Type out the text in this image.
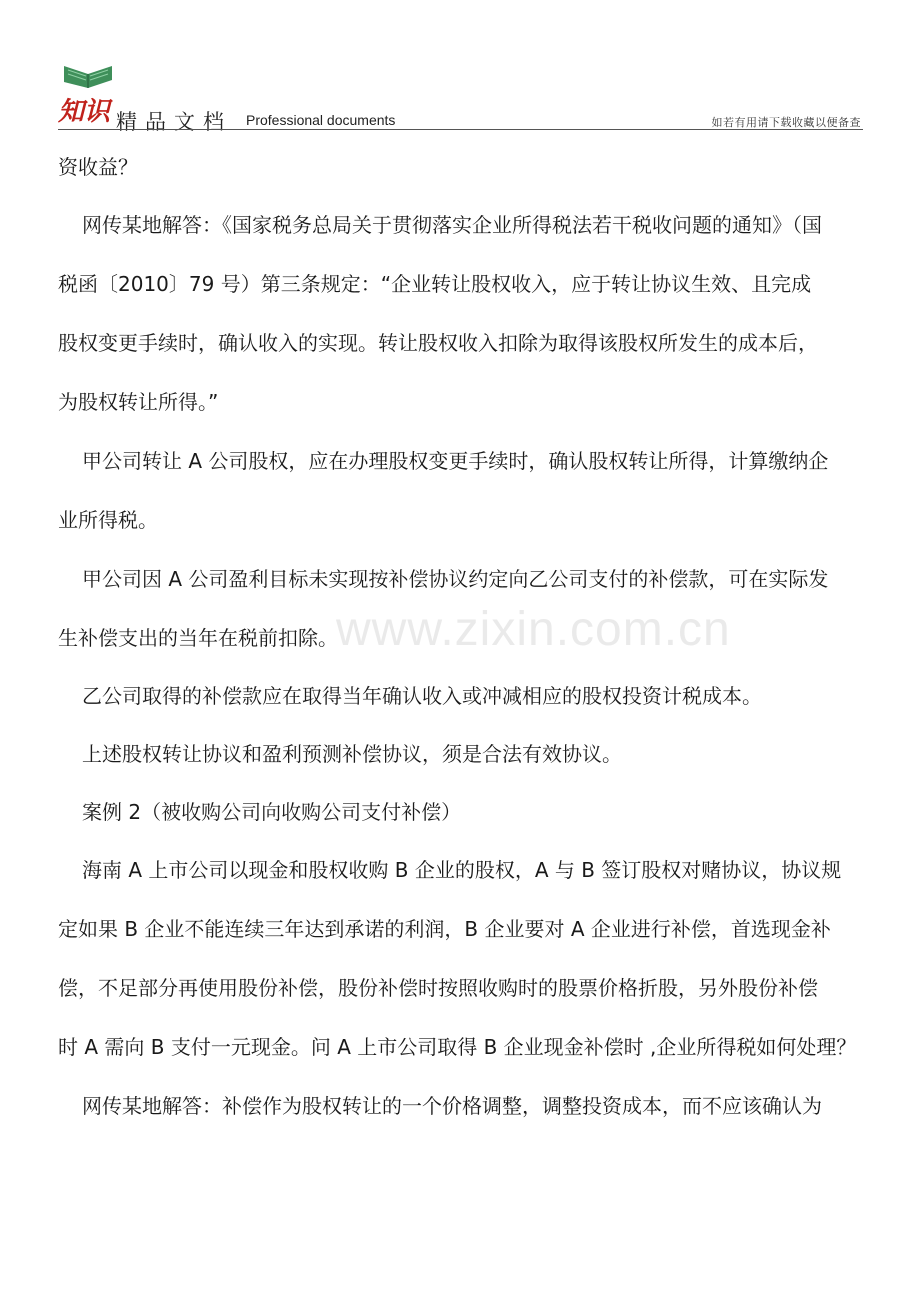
知识 精品文档 Professional documents	如若有用请下载收藏以便备查
www.zixin.com.cn

资收益？

网传某地解答：《国家税务总局关于贯彻落实企业所得税法若干税收问题的通知》（国

税函〔2010〕79 号）第三条规定：“企业转让股权收入，应于转让协议生效、且完成

股权变更手续时，确认收入的实现。转让股权收入扣除为取得该股权所发生的成本后，

为股权转让所得。”

甲公司转让 A 公司股权，应在办理股权变更手续时，确认股权转让所得，计算缴纳企

业所得税。

甲公司因 A 公司盈利目标未实现按补偿协议约定向乙公司支付的补偿款，可在实际发

生补偿支出的当年在税前扣除。

乙公司取得的补偿款应在取得当年确认收入或冲减相应的股权投资计税成本。

上述股权转让协议和盈利预测补偿协议，须是合法有效协议。

案例 2（被收购公司向收购公司支付补偿）

海南 A 上市公司以现金和股权收购 B 企业的股权，A 与 B 签订股权对赌协议，协议规

定如果 B 企业不能连续三年达到承诺的利润，B 企业要对 A 企业进行补偿，首选现金补

偿，不足部分再使用股份补偿，股份补偿时按照收购时的股票价格折股，另外股份补偿

时 A 需向 B 支付一元现金。问 A 上市公司取得 B 企业现金补偿时 ,企业所得税如何处理？

网传某地解答：补偿作为股权转让的一个价格调整，调整投资成本，而不应该确认为
